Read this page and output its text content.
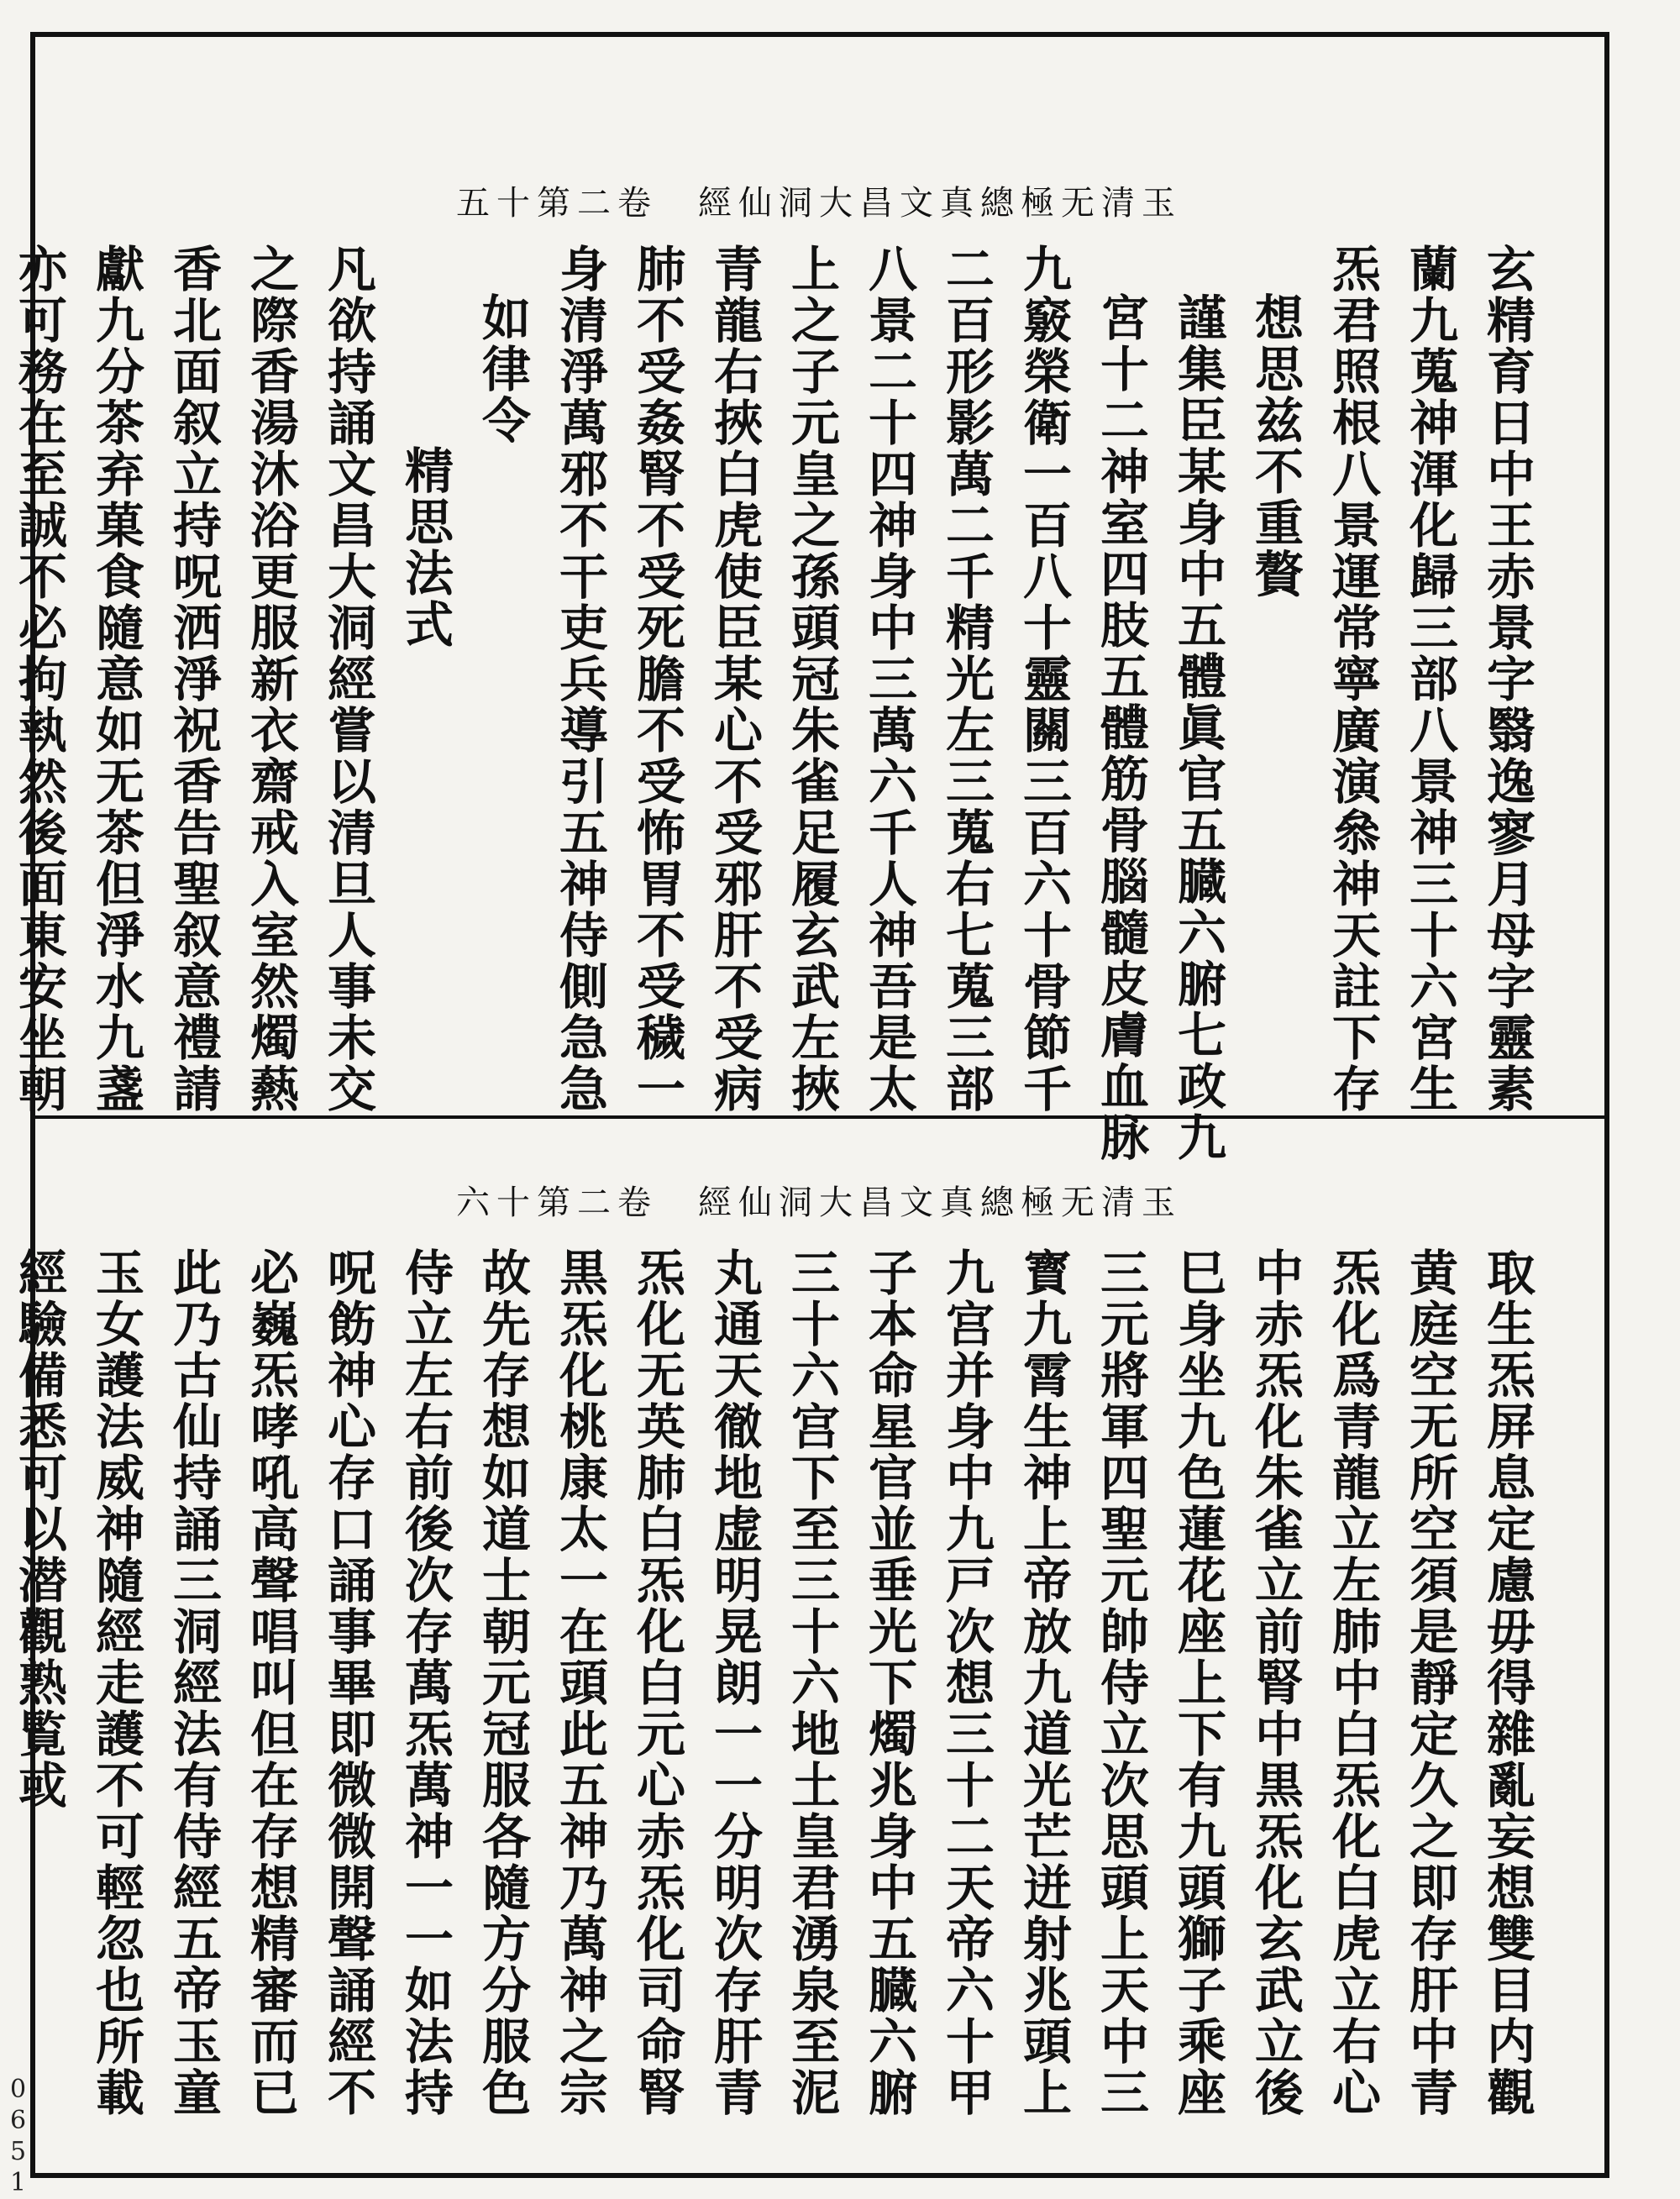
玉清无極總真文昌大洞仙經　卷二第十五
玄精育日中王赤景字翳逸寥月母字靈素
蘭九蒐神渾化歸三部八景神三十六宮生
炁君照根八景運常寧廣演叅神天註下存
想思兹不重贅
謹集臣某身中五體眞官五臓六腑七政九
宮十二神室四肢五體筋骨腦髓皮膚血脉
九竅榮衛一百八十靈關三百六十骨節千
二百形影萬二千精光左三蒐右七蒐三部
八景二十四神身中三萬六千人神吾是太
上之子元皇之孫頭冠朱雀足履玄武左挾
青龍右挾白虎使臣某心不受邪肝不受病
肺不受姦腎不受死膽不受怖胃不受穢一
身清淨萬邪不干吏兵導引五神侍側急急
如律令
精思法式
凡欲持誦文昌大洞經嘗以清旦人事未交
之際香湯沐浴更服新衣齋戒入室然燭爇
香北面叙立持呪洒淨祝香告聖叙意禮請
獻九分茶弃菓食隨意如无茶但淨水九盞
亦可務在至誠不必拘執然後面東安坐朝
玉清无極總真文昌大洞仙經　卷二第十六
取生炁屏息定慮毋得雜亂妄想雙目内觀
黄庭空无所空須是靜定久之即存肝中青
炁化爲青龍立左肺中白炁化白虎立右心
中赤炁化朱雀立前腎中黒炁化玄武立後
巳身坐九色蓮花座上下有九頭獅子乘座
三元將軍四聖元帥侍立次思頭上天中三
寳九霄生神上帝放九道光芒迸射兆頭上
九宫并身中九戸次想三十二天帝六十甲
子本命星官並垂光下燭兆身中五臓六腑
三十六宫下至三十六地土皇君湧泉至泥
丸通天徹地虚明晃朗一一分明次存肝青
炁化无英肺白炁化白元心赤炁化司命腎
黒炁化桃康太一在頭此五神乃萬神之宗
故先存想如道士朝元冠服各隨方分服色
侍立左右前後次存萬炁萬神一一如法持
呪飭神心存口誦事畢即微微開聲誦經不
必巍炁哮吼高聲唱叫但在存想精審而已
此乃古仙持誦三洞經法有侍經五帝玉童
玉女護法威神隨經走護不可輕忽也所載
經驗備悉可以潜觀熟覧或
0651
